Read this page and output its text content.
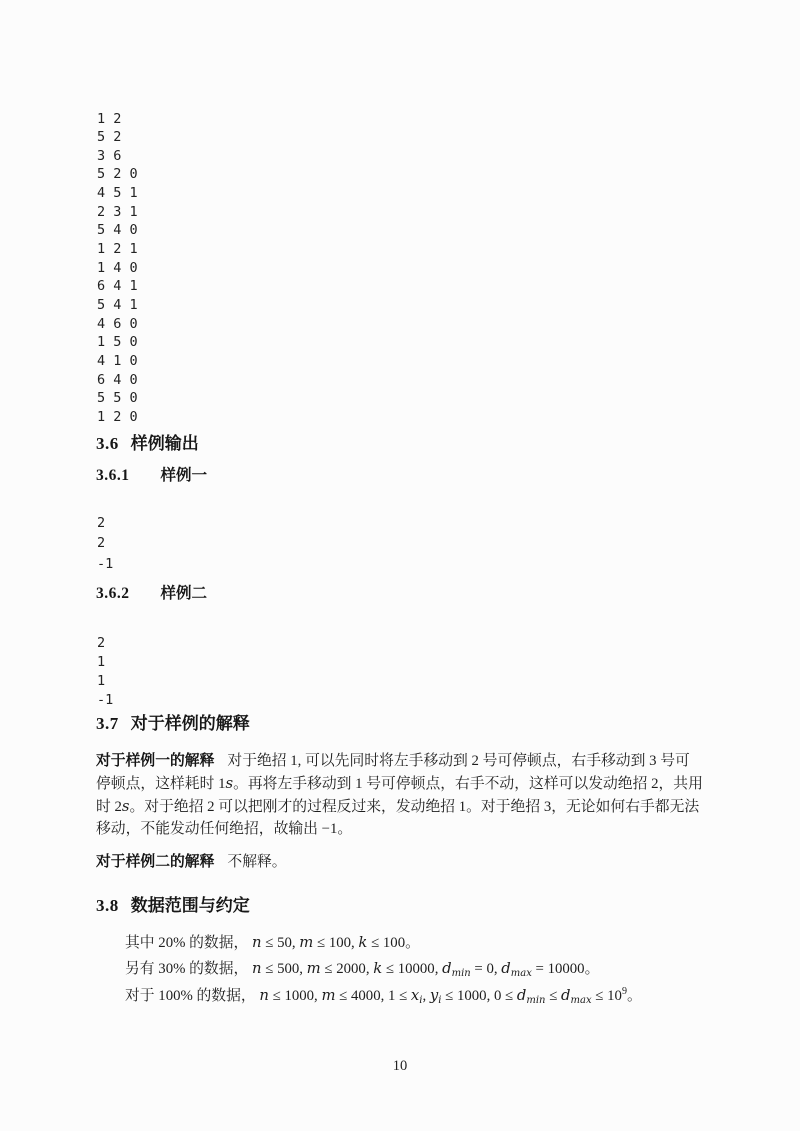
1 2
5 2
3 6
5 2 0
4 5 1
2 3 1
5 4 0
1 2 1
1 4 0
6 4 1
5 4 1
4 6 0
1 5 0
4 1 0
6 4 0
5 5 0
1 2 0
3.6 样例输出
3.6.1 样例一
2
2
-1
3.6.2 样例二
2
1
1
-1
3.7 对于样例的解释
对于样例一的解释 对于绝招 1, 可以先同时将左手移动到 2 号可停顿点，右手移动到 3 号可
停顿点，这样耗时 1s。再将左手移动到 1 号可停顿点，右手不动，这样可以发动绝招 2，共用
时 2s。对于绝招 2 可以把刚才的过程反过来，发动绝招 1。对于绝招 3，无论如何右手都无法
移动，不能发动任何绝招，故输出 −1。
对于样例二的解释 不解释。
3.8 数据范围与约定
其中 20% 的数据， n ≤ 50, m ≤ 100, k ≤ 100。
另有 30% 的数据， n ≤ 500, m ≤ 2000, k ≤ 10000, $d_{min} = 0$, $d_{max} = 10000$。
对于 100% 的数据， n ≤ 1000, m ≤ 4000, $1 \le x_i$, $y_i \le 1000$, $0 \le d_{min} \le d_{max} \le 10^9$。
10
